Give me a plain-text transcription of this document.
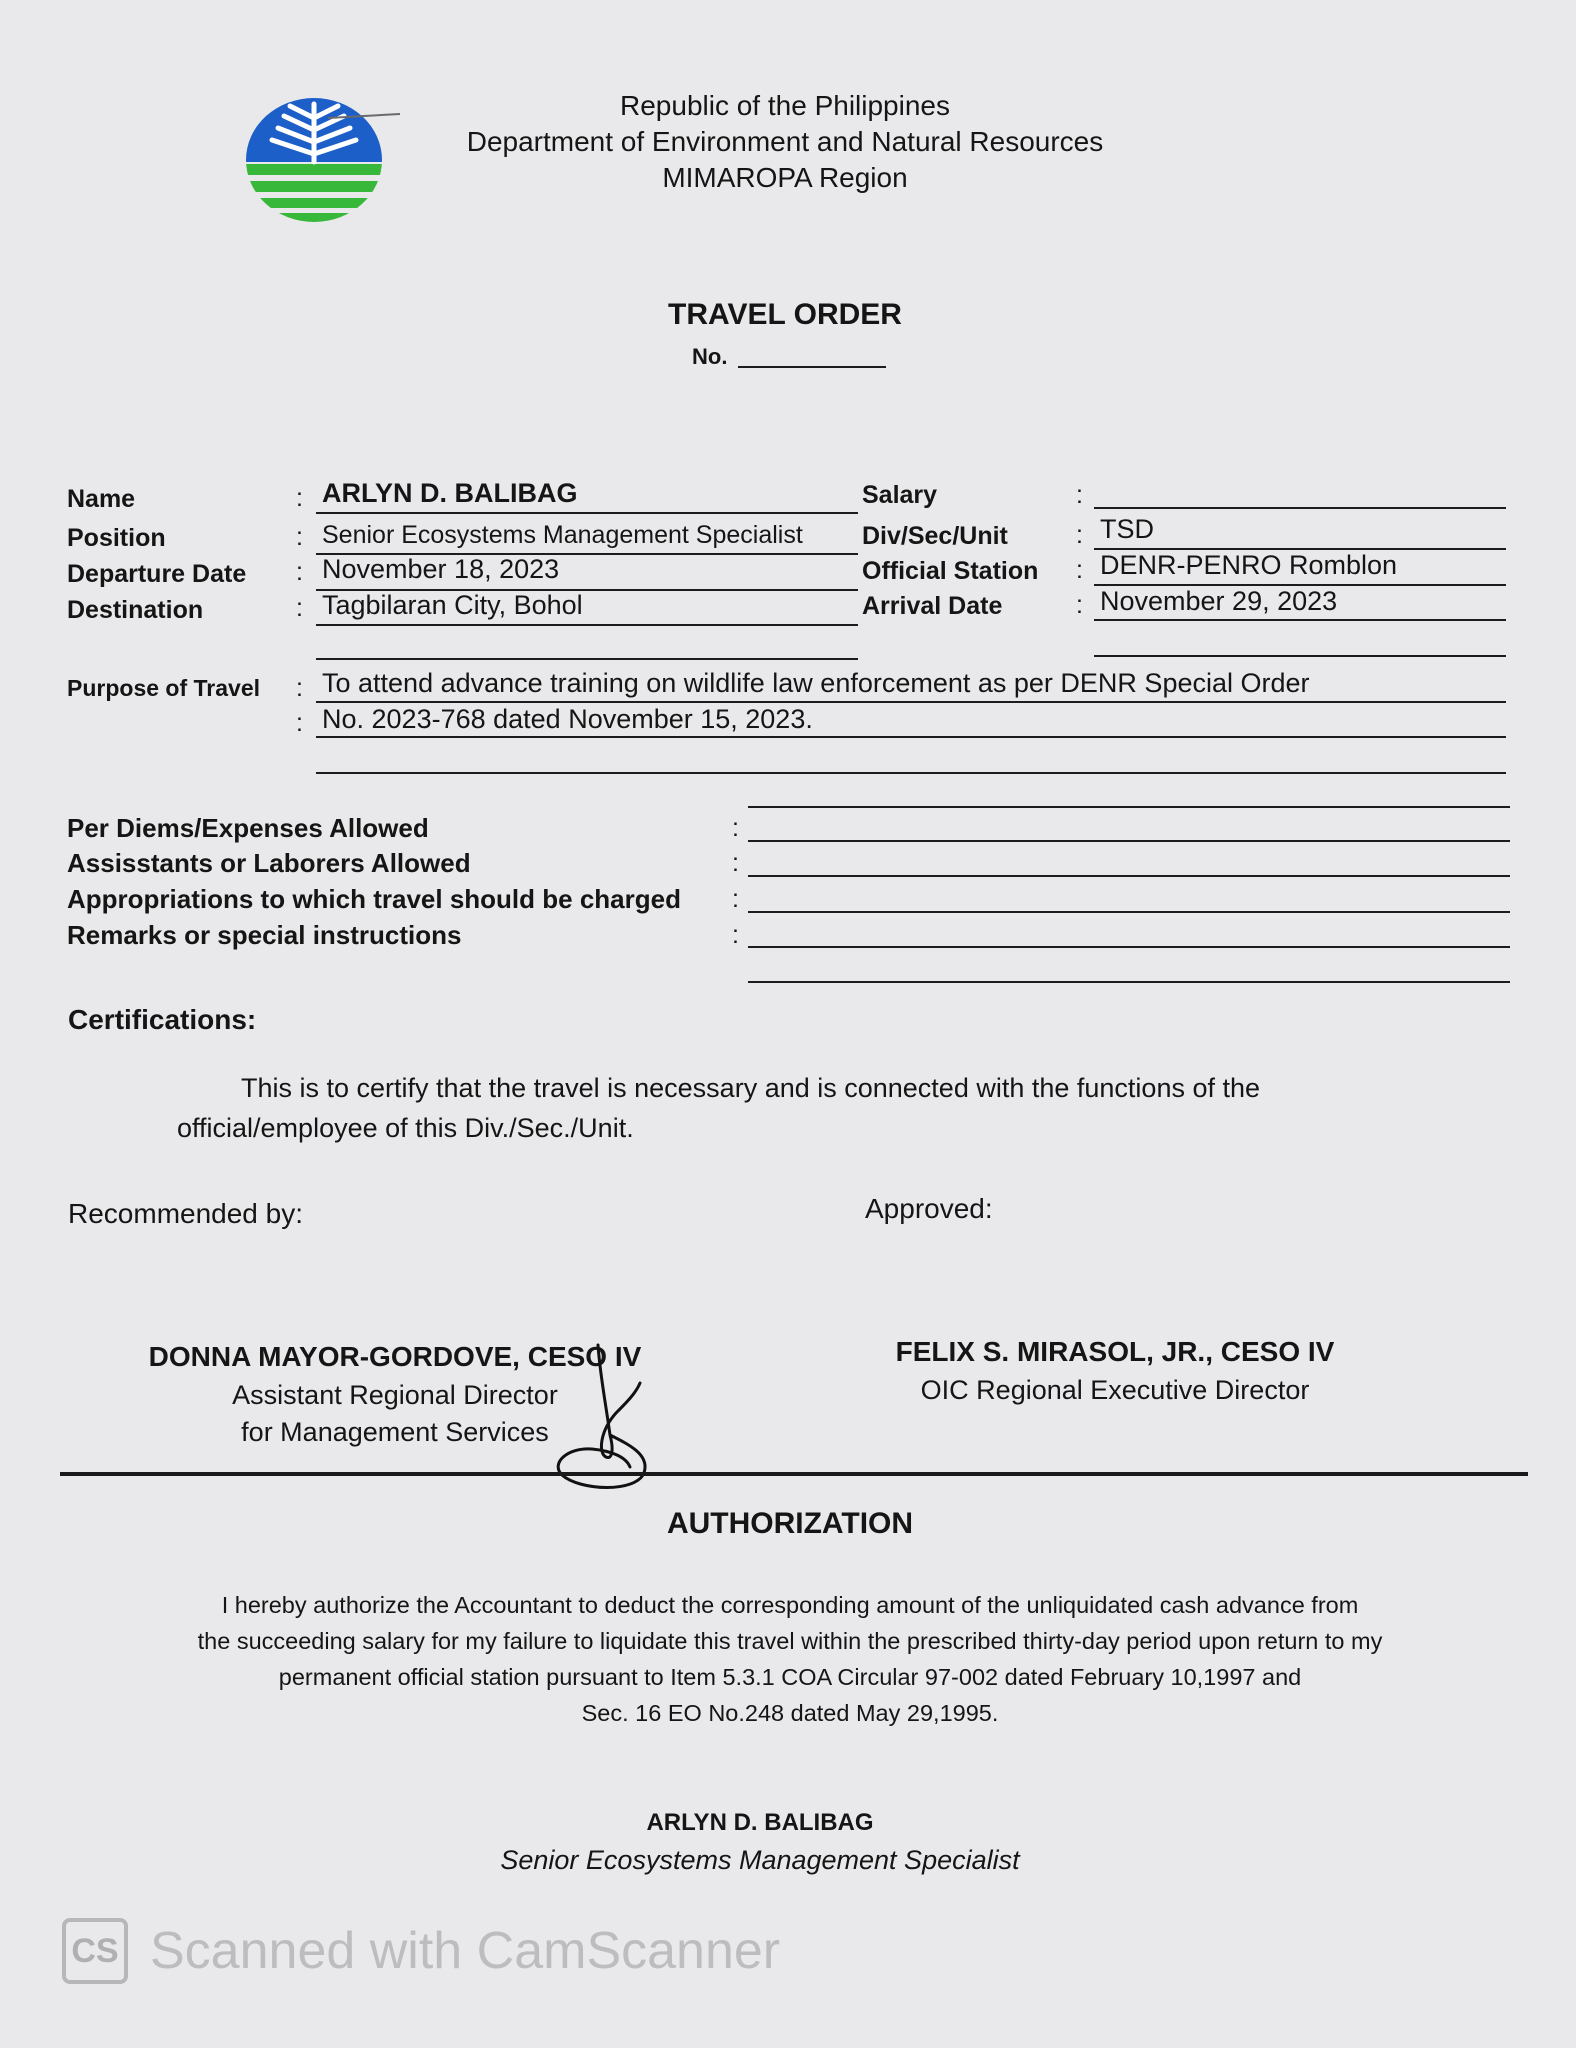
Republic of the Philippines
Department of Environment and Natural Resources
MIMAROPA Region
TRAVEL ORDER
No.
Name	: ARLYN D. BALIBAG
Position	: Senior Ecosystems Management Specialist
Departure Date : November 18, 2023
Destination	: Tagbilaran City, Bohol
Salary	:
Div/Sec/Unit	: TSD
Official Station : DENR-PENRO Romblon
Arrival Date	: November 29, 2023
Purpose of Travel : To attend advance training on wildlife law enforcement as per DENR Special Order
: No. 2023-768 dated November 15, 2023.
Per Diems/Expenses Allowed	:
Assisstants or Laborers Allowed	:
Appropriations to which travel should be charged :
Remarks or special instructions	:
Certifications:
This is to certify that the travel is necessary and is connected with the functions of the
official/employee of this Div./Sec./Unit.
Recommended by:	Approved:
DONNA MAYOR-GORDOVE, CESO IV
Assistant Regional Director
for Management Services
FELIX S. MIRASOL, JR., CESO IV
OIC Regional Executive Director
AUTHORIZATION
I hereby authorize the Accountant to deduct the corresponding amount of the unliquidated cash advance from
the succeeding salary for my failure to liquidate this travel within the prescribed thirty-day period upon return to my
permanent official station pursuant to Item 5.3.1 COA Circular 97-002 dated February 10,1997 and
Sec. 16 EO No.248 dated May 29,1995.
ARLYN D. BALIBAG
Senior Ecosystems Management Specialist
CS Scanned with CamScanner
